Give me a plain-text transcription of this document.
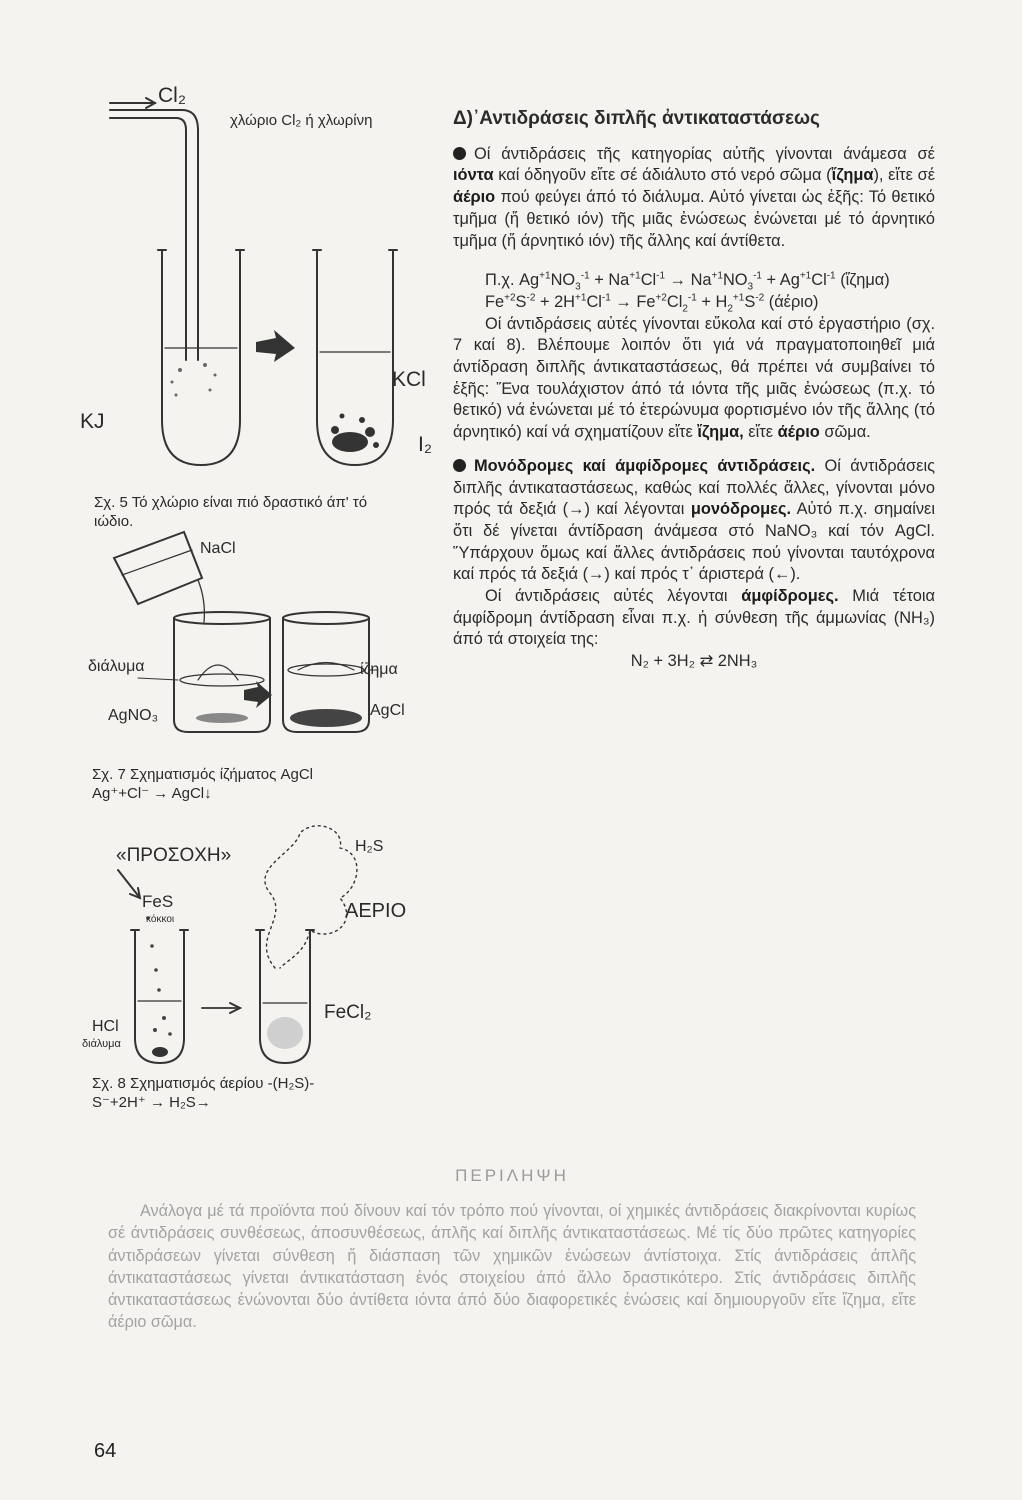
Cl₂
χλώριο Cl₂ ή χλωρίνη
KJ
KCl
I₂
Σχ. 5 Τό χλώριο είναι πιό δραστικό άπ' τό
ιώδιο.
NaCl
διάλυμα
AgNO₃
ίζημα
AgCl
Σχ. 7 Σχηματισμός ίζήματος AgCl
Ag⁺+Cl⁻ → AgCl↓
«ΠΡΟΣΟΧΗ»	H₂S
FeS
κόκκοι	ΑΕΡΙΟ
HCl
διάλυμα
FeCl₂
Σχ. 8 Σχηματισμός άερίου -(H₂S)-
S⁻+2H⁺ → H₂S→
Δ)᾿Αντιδράσεις διπλῆς ἀντικαταστάσεως

Οί άντιδράσεις τῆς κατηγορίας αὐτῆς γίνονται άνάμεσα σέ ιόντα καί όδηγοῦν εἴτε σέ άδιάλυτο στό νερό σῶμα (ἴζημα), εἴτε σέ άέριο πού φεύγει άπό τό διάλυμα. Αὐτό γίνεται ὡς ἑξῆς: Τό θετικό τμῆμα (ἤ θετικό ιόν) τῆς μιᾶς ἐνώσεως ἐνώνεται μέ τό άρνητικό τμῆμα (ἤ άρνητικό ιόν) τῆς ἄλλης καί άντίθετα.

Π.χ. $Ag^{+1}NO_3^{-1} + Na^{+1}Cl^{-1} \to Na^{+1}NO_3^{-1} + Ag^{+1}Cl^{-1}$ (ἴζημα)

$Fe^{+2}S^{-2} + 2H^{+1}Cl^{-1} \to Fe^{+2}Cl_2^{-1} + H_2^{+1}S^{-2}$ (άέριο)

Οί άντιδράσεις αὐτές γίνονται εὔκολα καί στό ἐργαστήριο (σχ. 7 καί 8). Βλέπουμε λοιπόν ὅτι γιά νά πραγματοποιηθεῖ μιά άντίδραση διπλῆς άντικαταστάσεως, θά πρέπει νά συμβαίνει τό ἑξῆς: Ἕνα τουλάχιστον άπό τά ιόντα τῆς μιᾶς ἐνώσεως (π.χ. τό θετικό) νά ἐνώνεται μέ τό ἑτερώνυμα φορτισμένο ιόν τῆς ἄλλης (τό άρνητικό) καί νά σχηματίζουν εἴτε ἴζημα, εἴτε άέριο σῶμα.

Μονόδρομες καί άμφίδρομες άντιδράσεις. Οί άντιδράσεις διπλῆς άντικαταστάσεως, καθώς καί πολλές ἄλλες, γίνονται μόνο πρός τά δεξιά (→) καί λέγονται μονόδρομες. Αὐτό π.χ. σημαίνει ὅτι δέ γίνεται άντίδραση άνάμεσα στό NaNO₃ καί τόν AgCl. ῞Υπάρχουν ὅμως καί ἄλλες άντιδράσεις πού γίνονται ταυτόχρονα καί πρός τά δεξιά (→) καί πρός τ᾿ άριστερά (←).

Οί άντιδράσεις αὐτές λέγονται άμφίδρομες. Μιά τέτοια άμφίδρομη άντίδραση εἶναι π.χ. ἡ σύνθεση τῆς άμμωνίας (NH₃) άπό τά στοιχεία της:

N₂ + 3H₂ ⇄ 2NH₃

ΠΕΡΙΛΗΨΗ

Ανάλογα μέ τά προϊόντα πού δίνουν καί τόν τρόπο πού γίνονται, οί χημικές άντιδράσεις διακρίνονται κυρίως σέ άντιδράσεις συνθέσεως, άποσυνθέσεως, άπλῆς καί διπλῆς άντικαταστάσεως. Μέ τίς δύο πρῶτες κατηγορίες άντιδράσεων γίνεται σύνθεση ἤ διάσπαση τῶν χημικῶν ἐνώσεων άντίστοιχα. Στίς άντιδράσεις άπλῆς άντικαταστάσεως γίνεται άντικατάσταση ἑνός στοιχείου άπό ἄλλο δραστικότερο. Στίς άντιδράσεις διπλῆς άντικαταστάσεως ἐνώνονται δύο άντίθετα ιόντα άπό δύο διαφορετικές ἐνώσεις καί δημιουργοῦν εἴτε ἴζημα, εἴτε άέριο σῶμα.

64
